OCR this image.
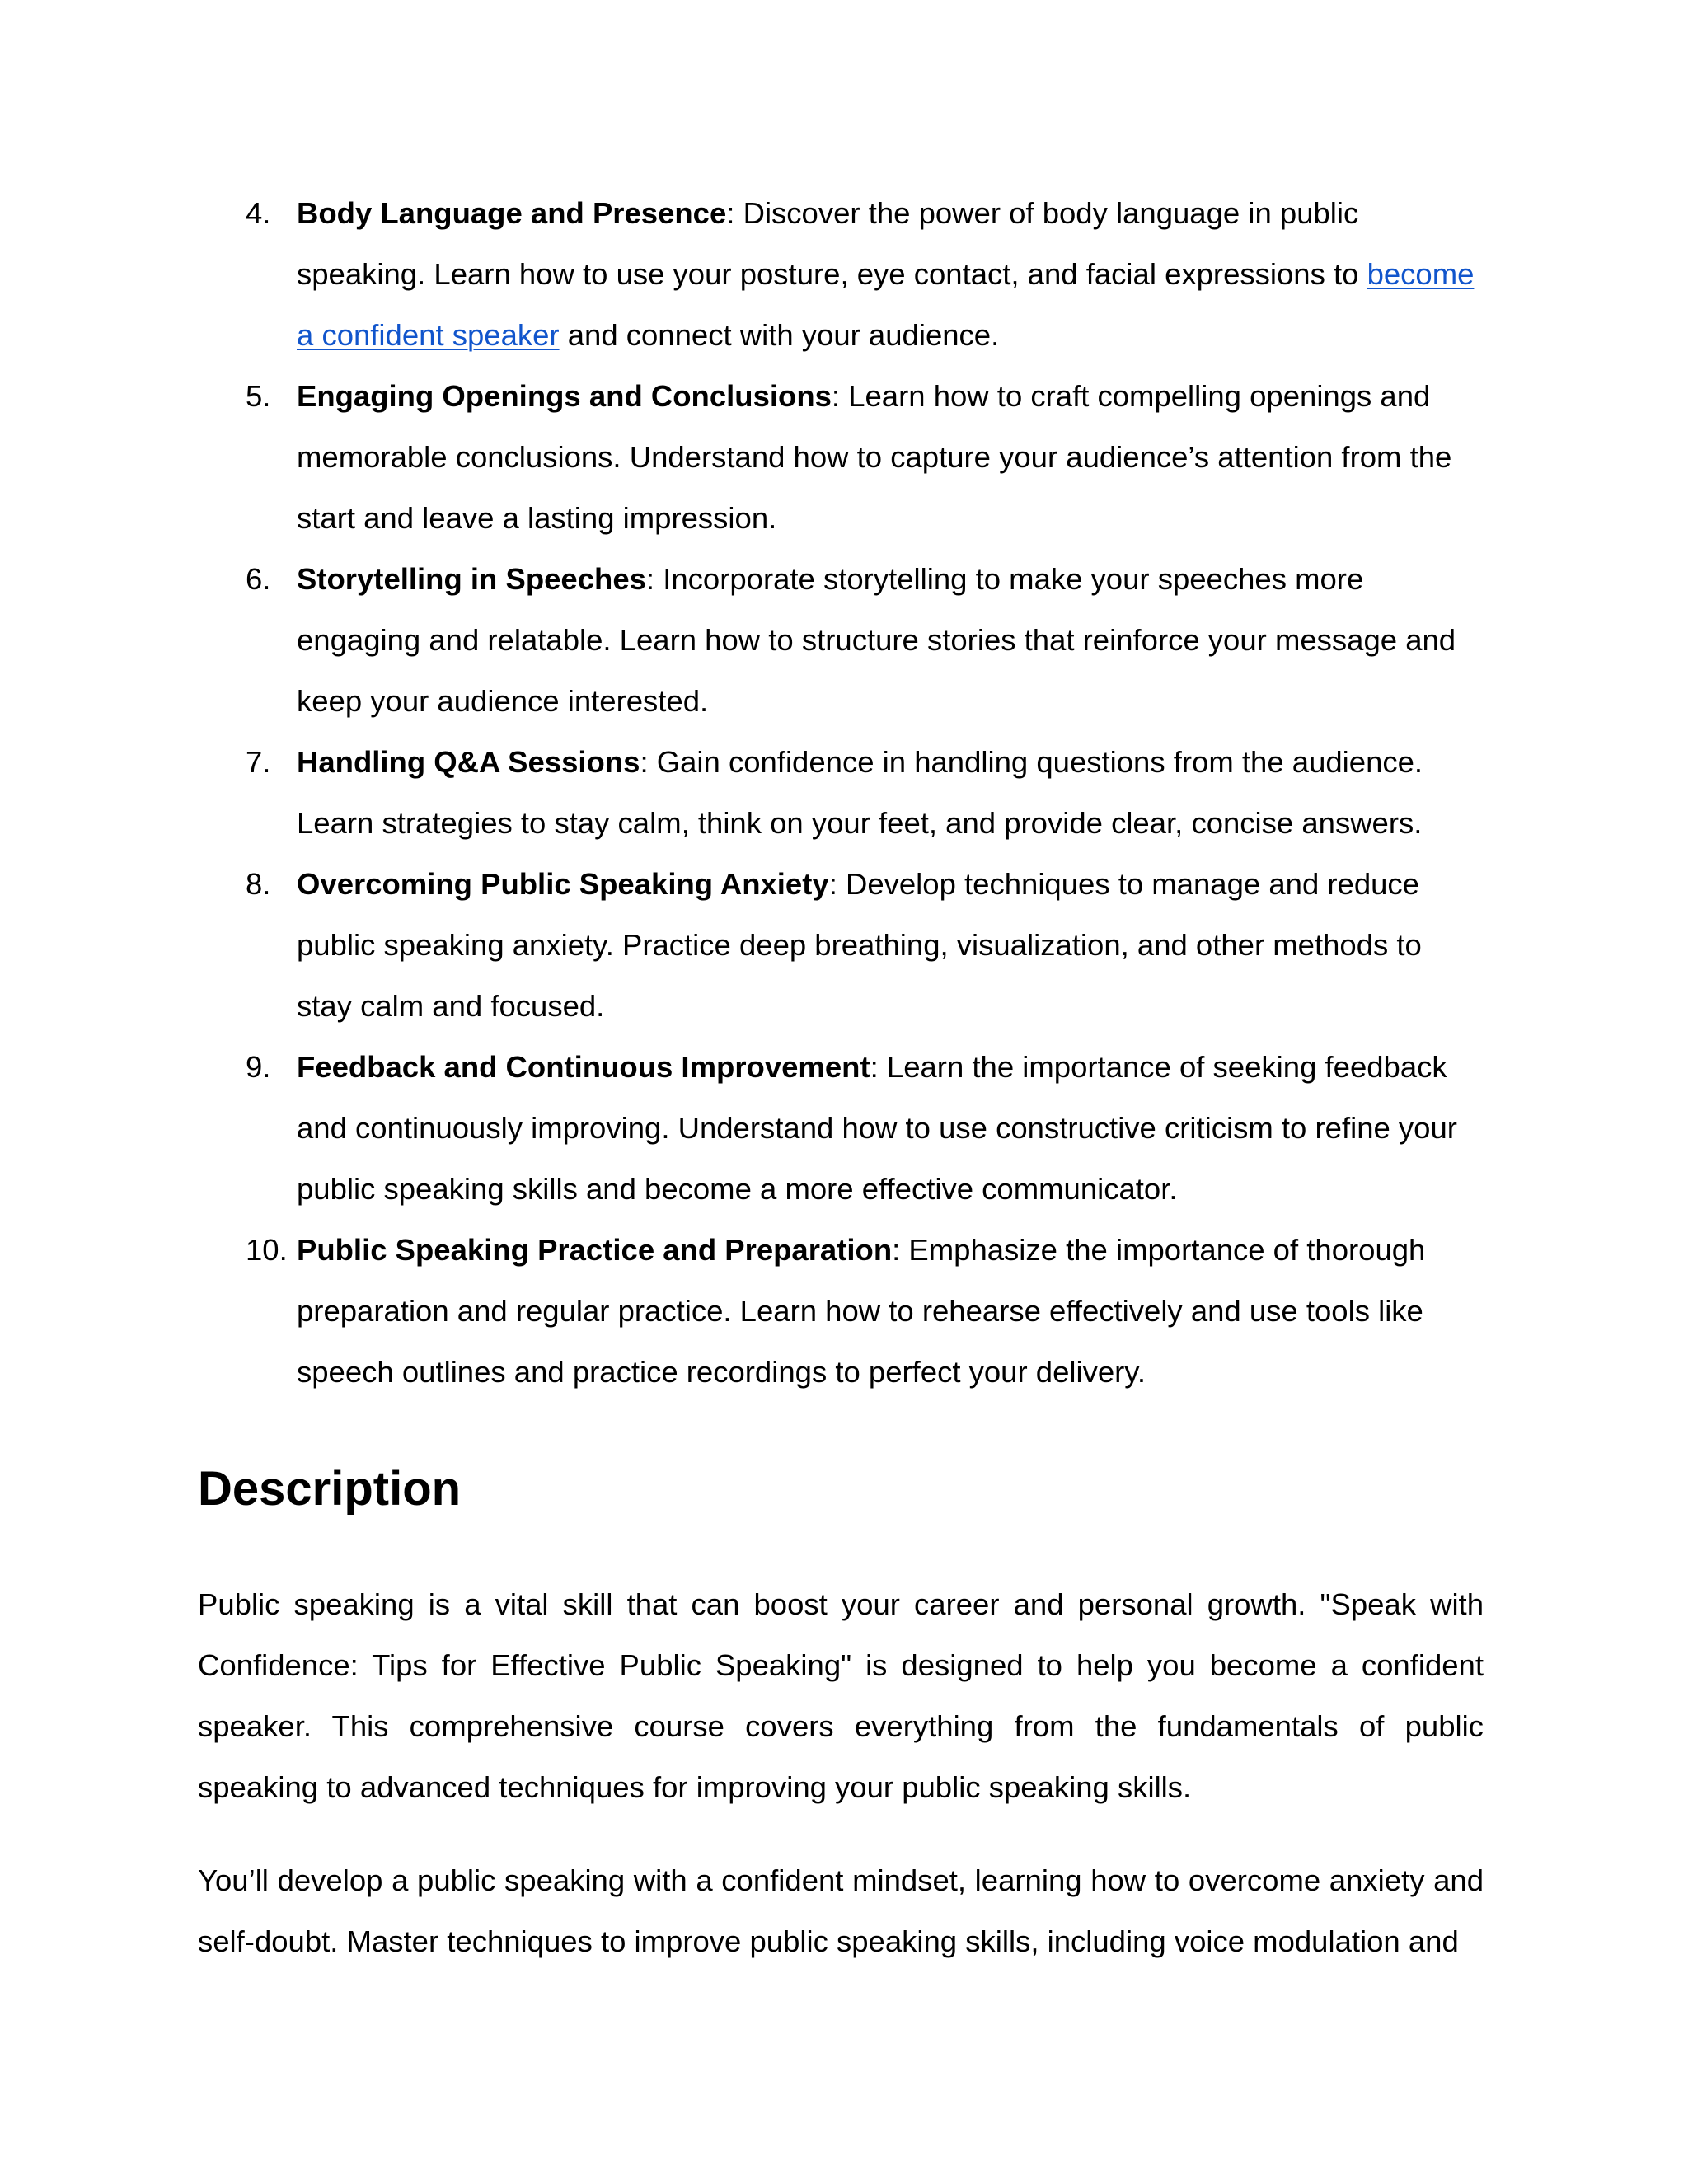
4. Body Language and Presence: Discover the power of body language in public speaking. Learn how to use your posture, eye contact, and facial expressions to become a confident speaker and connect with your audience.
5. Engaging Openings and Conclusions: Learn how to craft compelling openings and memorable conclusions. Understand how to capture your audience’s attention from the start and leave a lasting impression.
6. Storytelling in Speeches: Incorporate storytelling to make your speeches more engaging and relatable. Learn how to structure stories that reinforce your message and keep your audience interested.
7. Handling Q&A Sessions: Gain confidence in handling questions from the audience. Learn strategies to stay calm, think on your feet, and provide clear, concise answers.
8. Overcoming Public Speaking Anxiety: Develop techniques to manage and reduce public speaking anxiety. Practice deep breathing, visualization, and other methods to stay calm and focused.
9. Feedback and Continuous Improvement: Learn the importance of seeking feedback and continuously improving. Understand how to use constructive criticism to refine your public speaking skills and become a more effective communicator.
10. Public Speaking Practice and Preparation: Emphasize the importance of thorough preparation and regular practice. Learn how to rehearse effectively and use tools like speech outlines and practice recordings to perfect your delivery.
Description

Public speaking is a vital skill that can boost your career and personal growth. "Speak with Confidence: Tips for Effective Public Speaking" is designed to help you become a confident speaker. This comprehensive course covers everything from the fundamentals of public speaking to advanced techniques for improving your public speaking skills.

You’ll develop a public speaking with a confident mindset, learning how to overcome anxiety and self-doubt. Master techniques to improve public speaking skills, including voice modulation and
